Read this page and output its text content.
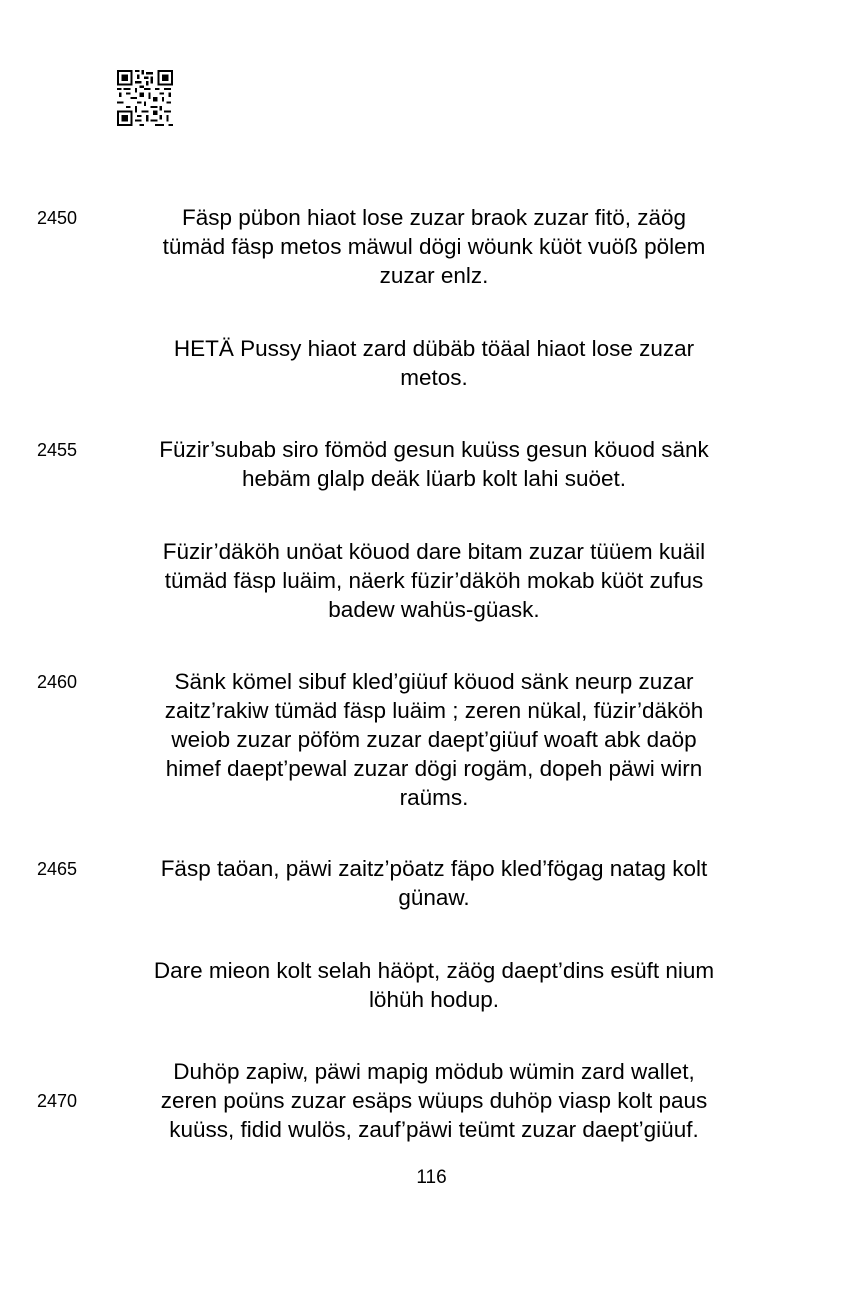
Fäsp pübon hiaot lose zuzar braok zuzar fitö, zäög
tümäd fäsp metos mäwul dögi wöunk küöt vuöß pölem
zuzar enlz.
HETÄ Pussy hiaot zard dübäb töäal hiaot lose zuzar
metos.
Füzir’subab siro fömöd gesun kuüss gesun köuod sänk
hebäm glalp deäk lüarb kolt lahi suöet.
Füzir’däköh unöat köuod dare bitam zuzar tüüem kuäil
tümäd fäsp luäim, näerk füzir’däköh mokab küöt zufus
badew wahüs-güask.
Sänk kömel sibuf kled’giüuf köuod sänk neurp zuzar
zaitz’rakiw tümäd fäsp luäim ; zeren nükal, füzir’däköh
weiob zuzar pöföm zuzar daept’giüuf woaft abk daöp
himef daept’pewal zuzar dögi rogäm, dopeh päwi wirn
raüms.
Fäsp taöan, päwi zaitz’pöatz fäpo kled’fögag natag kolt
günaw.
Dare mieon kolt selah häöpt, zäög daept’dins esüft nium
löhüh hodup.
Duhöp zapiw, päwi mapig mödub wümin zard wallet,
zeren poüns zuzar esäps wüups duhöp viasp kolt paus
kuüss, fidid wulös, zauf’päwi teümt zuzar daept’giüuf.
2450
2455
2460
2465
2470
116
